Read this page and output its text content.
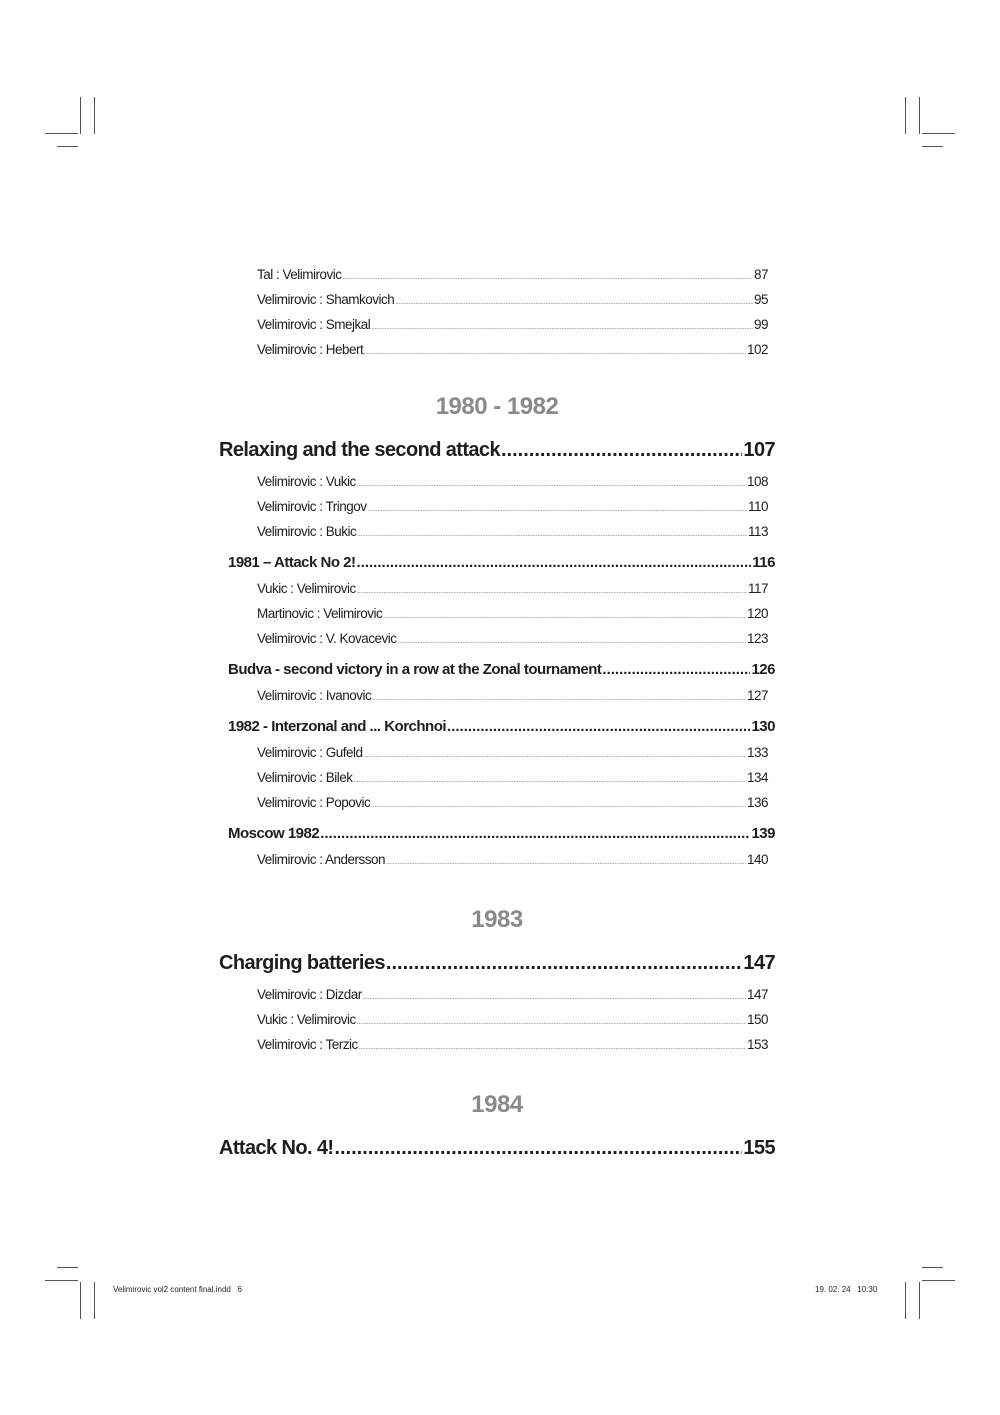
Tal : Velimirovic .....	87
Velimirovic : Shamkovich .....	95
Velimirovic : Smejkal .....	99
Velimirovic : Hebert .....	102
1980 - 1982
Relaxing and the second attack .....	107
Velimirovic : Vukic .....	108
Velimirovic : Tringov .....	110
Velimirovic : Bukic .....	113
1981 – Attack No 2! .....	116
Vukic : Velimirovic .....	117
Martinovic : Velimirovic .....	120
Velimirovic : V. Kovacevic .....	123
Budva - second victory in a row at the Zonal tournament .....	126
Velimirovic : Ivanovic .....	127
1982 - Interzonal and ... Korchnoi .....	130
Velimirovic : Gufeld .....	133
Velimirovic : Bilek .....	134
Velimirovic : Popovic .....	136
Moscow 1982 .....	139
Velimirovic : Andersson .....	140
1983
Charging batteries .....	147
Velimirovic : Dizdar .....	147
Vukic : Velimirovic .....	150
Velimirovic : Terzic .....	153
1984
Attack No. 4! .....	155
Velimirovic vol2 content final.indd   6	19. 02. 24   10:30
